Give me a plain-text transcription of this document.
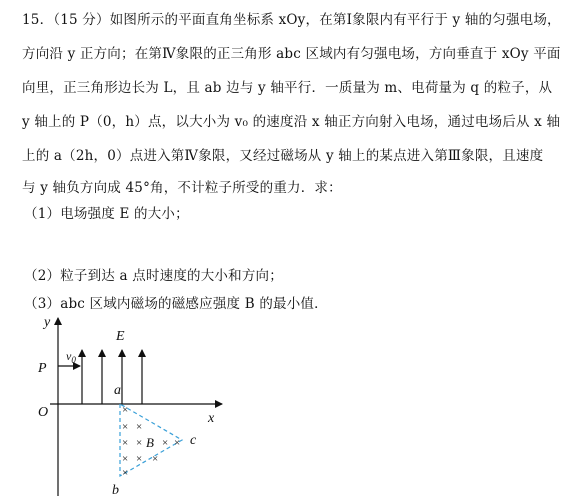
15．（15 分）如图所示的平面直角坐标系 xOy，在第Ⅰ象限内有平行于 y 轴的匀强电场，
方向沿 y 正方向；在第Ⅳ象限的正三角形 abc 区域内有匀强电场，方向垂直于 xOy 平面
向里，正三角形边长为 L，且 ab 边与 y 轴平行．一质量为 m、电荷量为 q 的粒子，从
y 轴上的 P（0，h）点，以大小为 v₀ 的速度沿 x 轴正方向射入电场，通过电场后从 x 轴
上的 a（2h，0）点进入第Ⅳ象限，又经过磁场从 y 轴上的某点进入第Ⅲ象限，且速度
与 y 轴负方向成 45°角，不计粒子所受的重力．求：
（1）电场强度 E 的大小；
（2）粒子到达 a 点时速度的大小和方向；
（3）abc 区域内磁场的磁感应强度 B 的最小值．
y
x
O
P
$v_0$
E
a
b
c
×
× ×
× × × ×
× × ×
×
B
